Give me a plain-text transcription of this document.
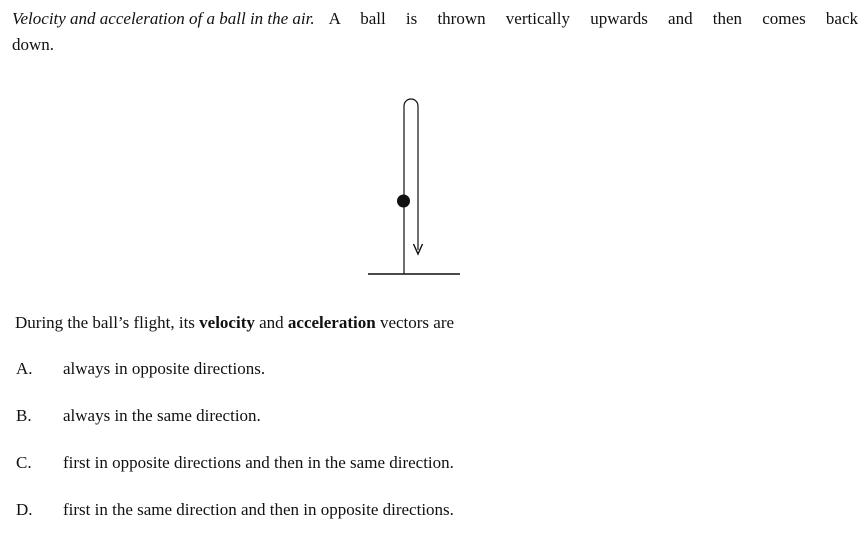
Velocity and acceleration of a ball in the air. A ball is thrown vertically upwards and then comes back
down.
During the ball’s flight, its velocity and acceleration vectors are
A. always in opposite directions.
B. always in the same direction.
C. first in opposite directions and then in the same direction.
D. first in the same direction and then in opposite directions.
